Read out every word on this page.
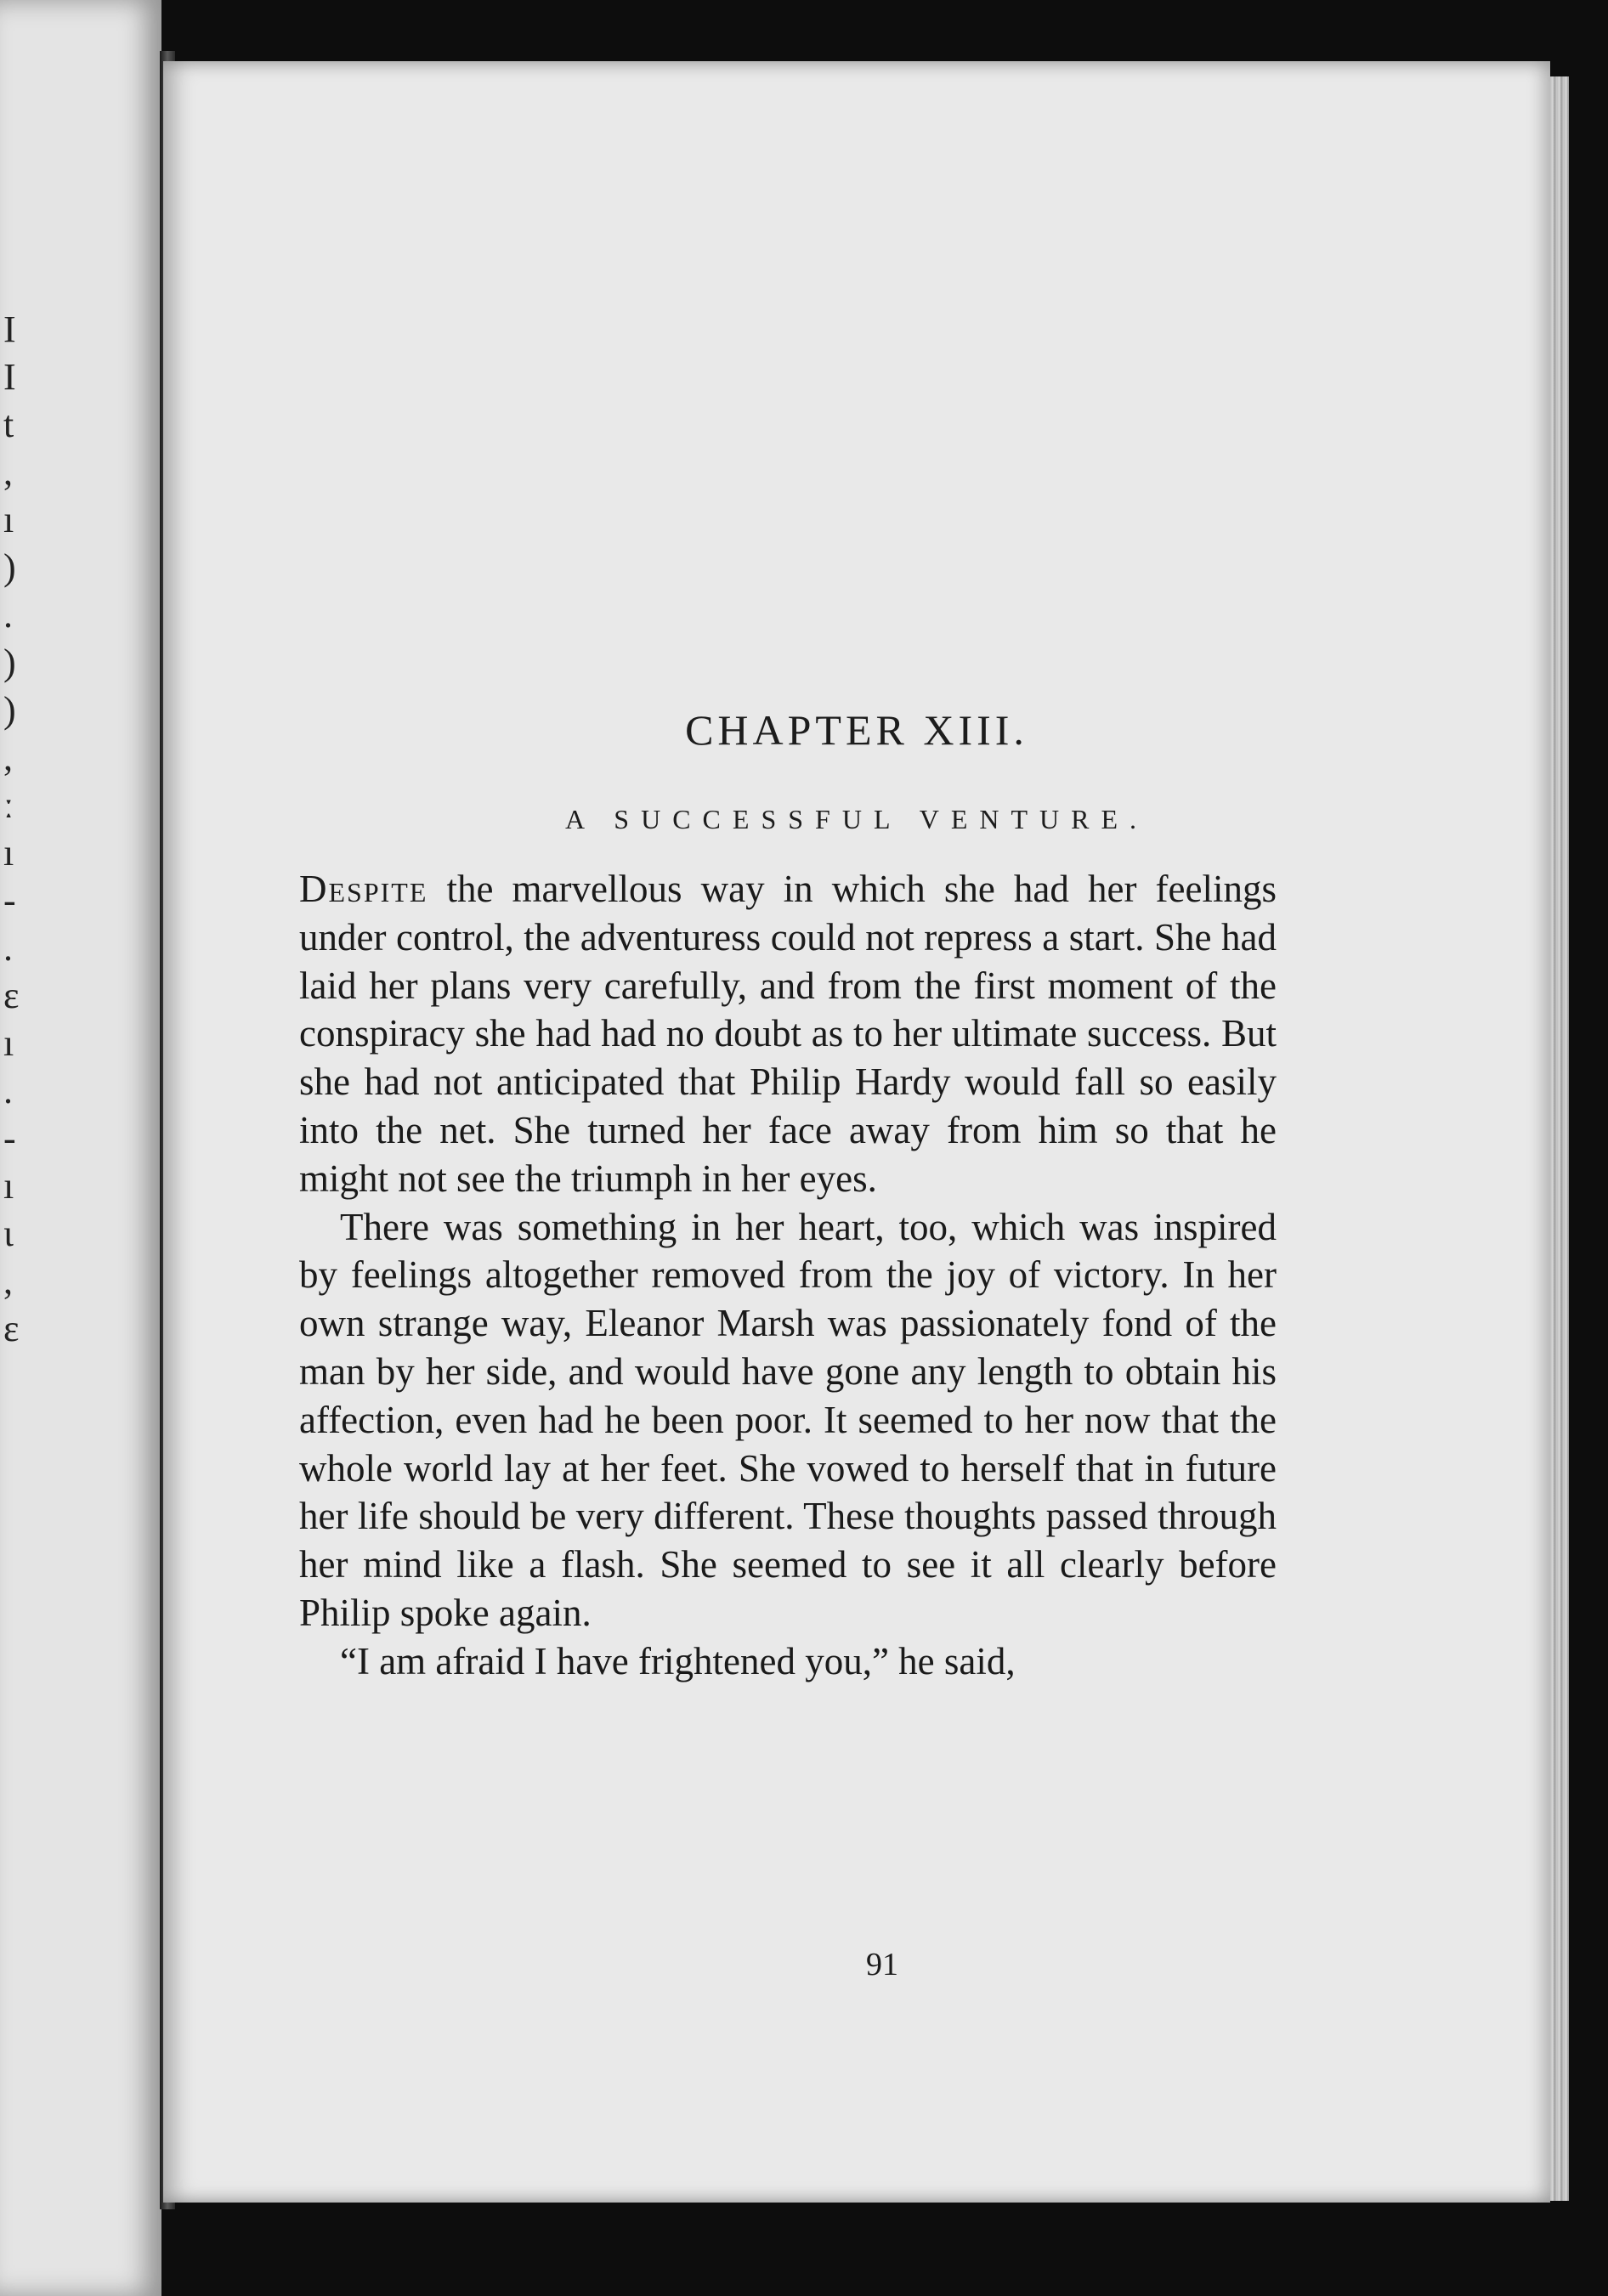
I
I
t
,
ı
)
.
)
)
,
ː
ı
-
.
ε
ı
.
-
ı
ι
,
ε
CHAPTER XIII.
A SUCCESSFUL VENTURE.

Despite the marvellous way in which she had her feelings under control, the adventuress could not repress a start. She had laid her plans very carefully, and from the first moment of the conspiracy she had had no doubt as to her ultimate success. But she had not anticipated that Philip Hardy would fall so easily into the net. She turned her face away from him so that he might not see the triumph in her eyes.

There was something in her heart, too, which was inspired by feelings altogether removed from the joy of victory. In her own strange way, Eleanor Marsh was passionately fond of the man by her side, and would have gone any length to obtain his affection, even had he been poor. It seemed to her now that the whole world lay at her feet. She vowed to herself that in future her life should be very different. These thoughts passed through her mind like a flash. She seemed to see it all clearly before Philip spoke again.

“I am afraid I have frightened you,” he said,

91
